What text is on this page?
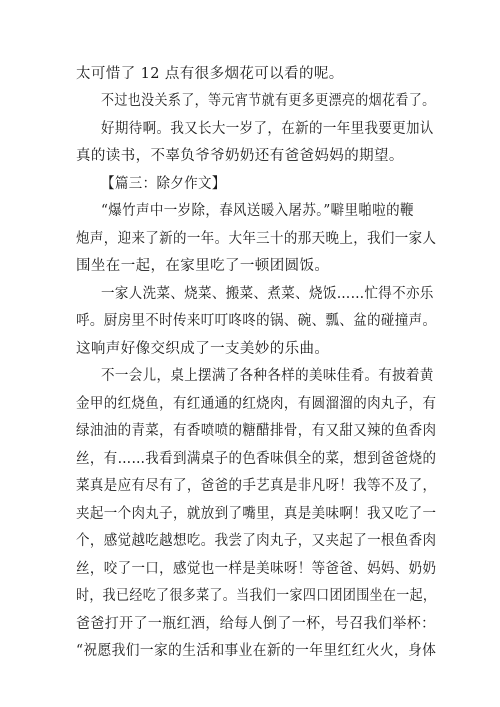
太可惜了 12 点有很多烟花可以看的呢。
不过也没关系了，等元宵节就有更多更漂亮的烟花看了。
好期待啊。我又长大一岁了，在新的一年里我要更加认
真的读书，不辜负爷爷奶奶还有爸爸妈妈的期望。
【篇三：除夕作文】
“爆竹声中一岁除，春风送暖入屠苏。”噼里啪啦的鞭
炮声，迎来了新的一年。大年三十的那天晚上，我们一家人
围坐在一起，在家里吃了一顿团圆饭。
一家人洗菜、烧菜、搬菜、煮菜、烧饭……忙得不亦乐
呼。厨房里不时传来叮叮咚咚的锅、碗、瓢、盆的碰撞声。
这响声好像交织成了一支美妙的乐曲。
不一会儿，桌上摆满了各种各样的美味佳肴。有披着黄
金甲的红烧鱼，有红通通的红烧肉，有圆溜溜的肉丸子，有
绿油油的青菜，有香喷喷的糖醋排骨，有又甜又辣的鱼香肉
丝，有……我看到满桌子的色香味俱全的菜，想到爸爸烧的
菜真是应有尽有了，爸爸的手艺真是非凡呀！我等不及了，
夹起一个肉丸子，就放到了嘴里，真是美味啊！我又吃了一
个，感觉越吃越想吃。我尝了肉丸子，又夹起了一根鱼香肉
丝，咬了一口，感觉也一样是美味呀！等爸爸、妈妈、奶奶
时，我已经吃了很多菜了。当我们一家四口团团围坐在一起，
爸爸打开了一瓶红酒，给每人倒了一杯，号召我们举杯：
“祝愿我们一家的生活和事业在新的一年里红红火火，身体
